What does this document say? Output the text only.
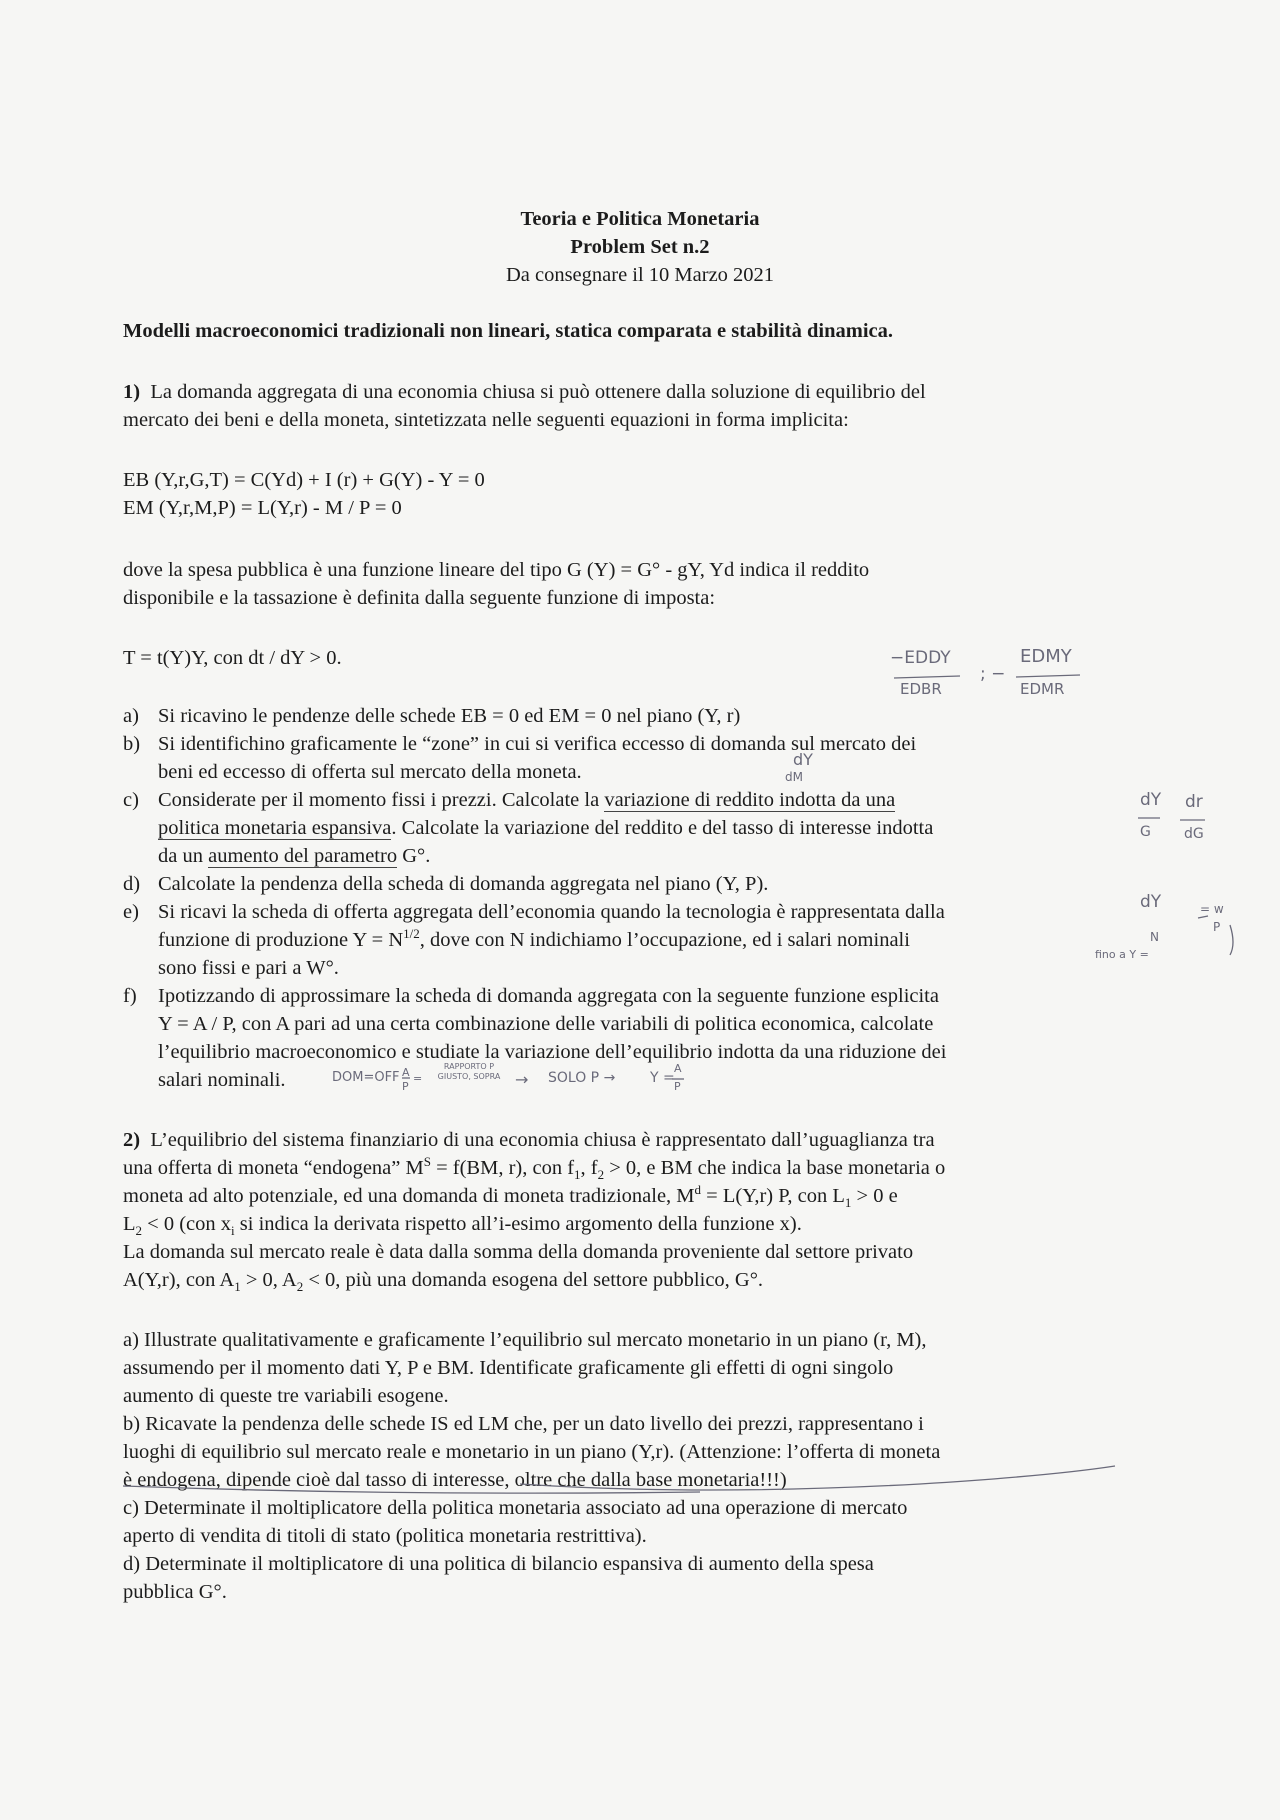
Teoria e Politica Monetaria
Problem Set n.2
Da consegnare il 10 Marzo 2021
Modelli macroeconomici tradizionali non lineari, statica comparata e stabilità dinamica.
1) La domanda aggregata di una economia chiusa si può ottenere dalla soluzione di equilibrio del
mercato dei beni e della moneta, sintetizzata nelle seguenti equazioni in forma implicita:
EB (Y,r,G,T) = C(Yd) + I (r) + G(Y) - Y = 0
EM (Y,r,M,P) = L(Y,r) - M / P = 0
dove la spesa pubblica è una funzione lineare del tipo G (Y) = G° - gY, Yd indica il reddito
disponibile e la tassazione è definita dalla seguente funzione di imposta:
T = t(Y)Y, con dt / dY > 0.
a) Si ricavino le pendenze delle schede EB = 0 ed EM = 0 nel piano (Y, r)
b) Si identifichino graficamente le “zone” in cui si verifica eccesso di domanda sul mercato dei
beni ed eccesso di offerta sul mercato della moneta.
c) Considerate per il momento fissi i prezzi. Calcolate la variazione di reddito indotta da una
politica monetaria espansiva. Calcolate la variazione del reddito e del tasso di interesse indotta
da un aumento del parametro G°.
d) Calcolate la pendenza della scheda di domanda aggregata nel piano (Y, P).
e) Si ricavi la scheda di offerta aggregata dell’economia quando la tecnologia è rappresentata dalla
funzione di produzione $Y = N^{1/2}$, dove con N indichiamo l’occupazione, ed i salari nominali
sono fissi e pari a W°.
f) Ipotizzando di approssimare la scheda di domanda aggregata con la seguente funzione esplicita
Y = A / P, con A pari ad una certa combinazione delle variabili di politica economica, calcolate
l’equilibrio macroeconomico e studiate la variazione dell’equilibrio indotta da una riduzione dei
salari nominali.
2) L’equilibrio del sistema finanziario di una economia chiusa è rappresentato dall’uguaglianza tra
una offerta di moneta “endogena” $M^S = f(BM$, r), con $f_1$, $f_2 > 0$, e BM che indica la base monetaria o
moneta ad alto potenziale, ed una domanda di moneta tradizionale, $M^d = L(Y,r)$ P, con $L_1 > 0$ e
$L_2 < 0$ (con $x_i$ si indica la derivata rispetto all’i-esimo argomento della funzione x).
La domanda sul mercato reale è data dalla somma della domanda proveniente dal settore privato
A(Y,r), con $A_1 > 0$, $A_2 < 0$, più una domanda esogena del settore pubblico, G°.
a) Illustrate qualitativamente e graficamente l’equilibrio sul mercato monetario in un piano (r, M),
assumendo per il momento dati Y, P e BM. Identificate graficamente gli effetti di ogni singolo
aumento di queste tre variabili esogene.
b) Ricavate la pendenza delle schede IS ed LM che, per un dato livello dei prezzi, rappresentano i
luoghi di equilibrio sul mercato reale e monetario in un piano (Y,r). (Attenzione: l’offerta di moneta
è endogena, dipende cioè dal tasso di interesse, oltre che dalla base monetaria!!!)
c) Determinate il moltiplicatore della politica monetaria associato ad una operazione di mercato
aperto di vendita di titoli di stato (politica monetaria restrittiva).
d) Determinate il moltiplicatore di una politica di bilancio espansiva di aumento della spesa
pubblica G°.
−EDDY
EDBR
; −
EDMY
EDMR
dY
dM
dY dr
G dG
dY	= w
P
N
fino a Y =
DOM=OFF A
P
=
RAPPORTO P GIUSTO, SOPRA → SOLO P → Y =
A
P
